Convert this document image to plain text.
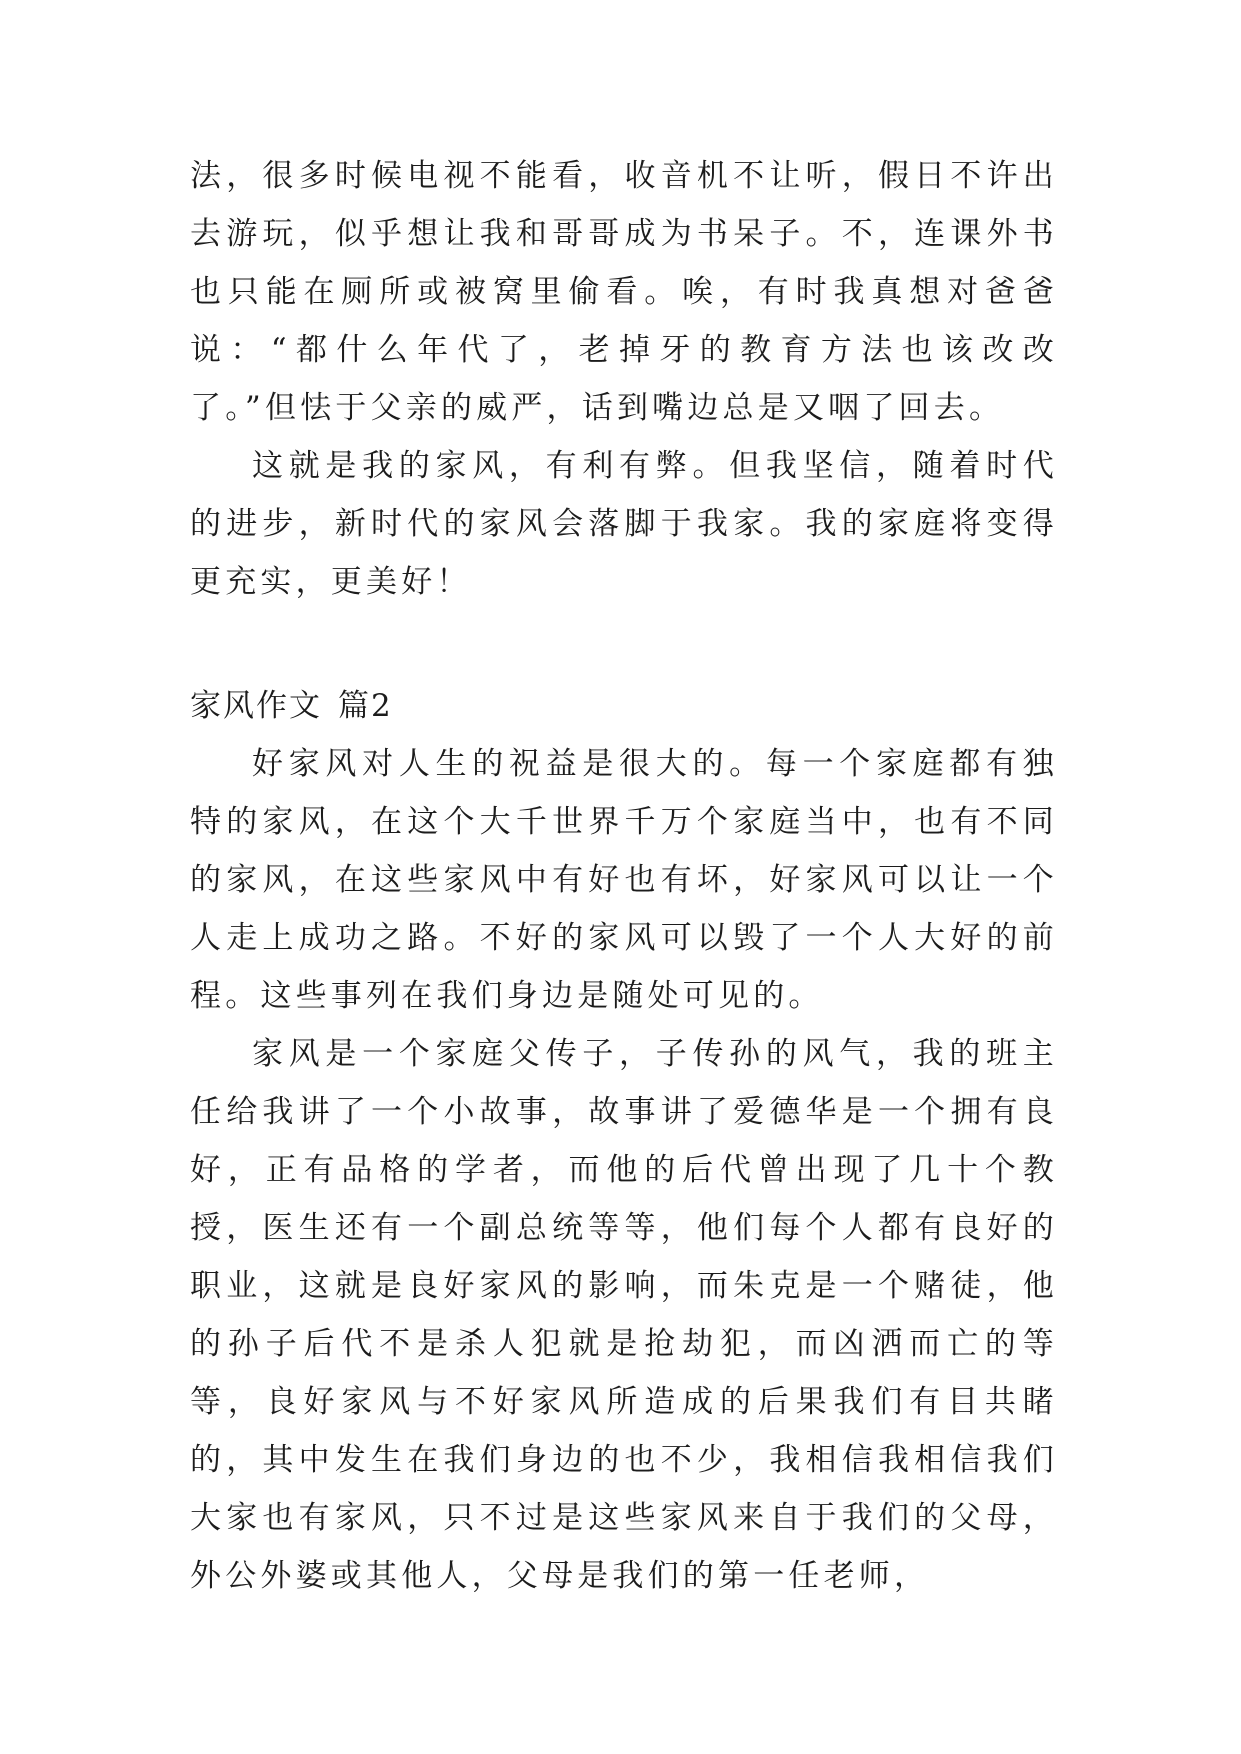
法，很多时候电视不能看，收音机不让听，假日不许出去游玩，似乎想让我和哥哥成为书呆子。不，连课外书也只能在厕所或被窝里偷看。唉，有时我真想对爸爸说：“都什么年代了，老掉牙的教育方法也该改改了。”但怯于父亲的威严，话到嘴边总是又咽了回去。

这就是我的家风，有利有弊。但我坚信，随着时代的进步，新时代的家风会落脚于我家。我的家庭将变得更充实，更美好！

家风作文 篇2

好家风对人生的祝益是很大的。每一个家庭都有独特的家风，在这个大千世界千万个家庭当中，也有不同的家风，在这些家风中有好也有坏，好家风可以让一个人走上成功之路。不好的家风可以毁了一个人大好的前程。这些事列在我们身边是随处可见的。

家风是一个家庭父传子，子传孙的风气，我的班主任给我讲了一个小故事，故事讲了爱德华是一个拥有良好，正有品格的学者，而他的后代曾出现了几十个教授，医生还有一个副总统等等，他们每个人都有良好的职业，这就是良好家风的影响，而朱克是一个赌徒，他的孙子后代不是杀人犯就是抢劫犯，而凶洒而亡的等等，良好家风与不好家风所造成的后果我们有目共睹的，其中发生在我们身边的也不少，我相信我相信我们大家也有家风，只不过是这些家风来自于我们的父母，外公外婆或其他人，父母是我们的第一任老师，
